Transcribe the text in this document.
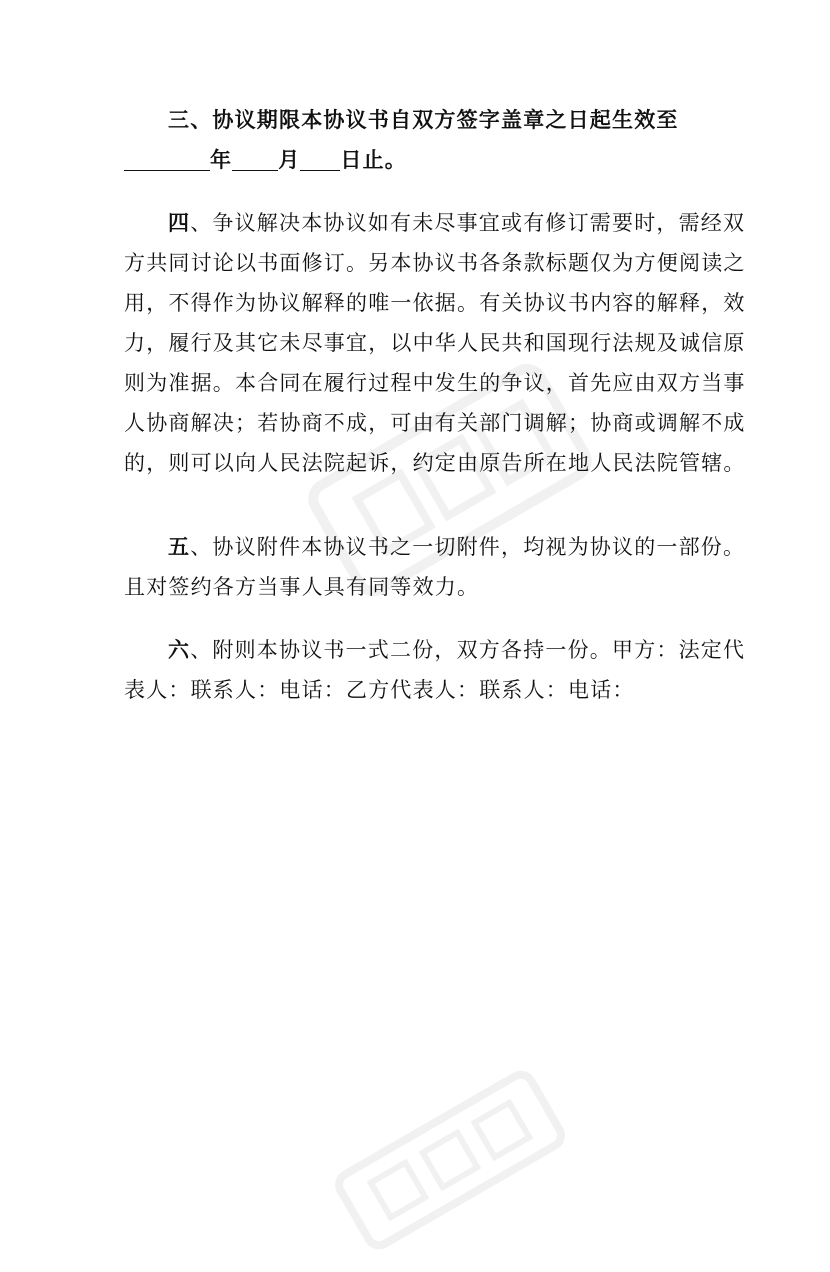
三、协议期限本协议书自双方签字盖章之日起生效至
年 月 日止。
四、争议解决本协议如有未尽事宜或有修订需要时，需经双
方共同讨论以书面修订。另本协议书各条款标题仅为方便阅读之
用，不得作为协议解释的唯一依据。有关协议书内容的解释，效
力，履行及其它未尽事宜，以中华人民共和国现行法规及诚信原
则为准据。本合同在履行过程中发生的争议，首先应由双方当事
人协商解决；若协商不成，可由有关部门调解；协商或调解不成
的，则可以向人民法院起诉，约定由原告所在地人民法院管辖。
五、协议附件本协议书之一切附件，均视为协议的一部份。
且对签约各方当事人具有同等效力。
六、附则本协议书一式二份，双方各持一份。甲方：法定代
表人：联系人：电话：乙方代表人：联系人：电话：
